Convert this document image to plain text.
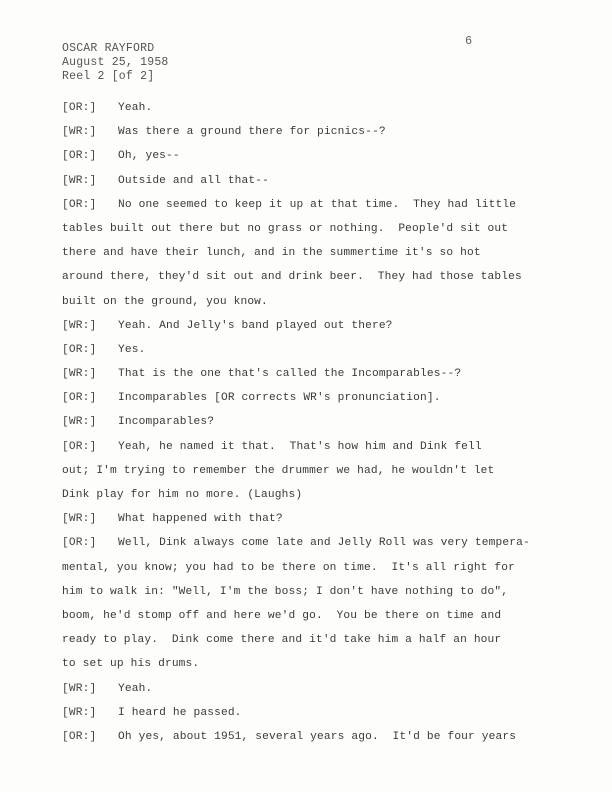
OSCAR RAYFORD
August 25, 1958
Reel 2 [of 2]
6
[OR:] Yeah.
[WR:] Was there a ground there for picnics--?
[OR:] Oh, yes--
[WR:] Outside and all that--
[OR:] No one seemed to keep it up at that time.  They had little
tables built out there but no grass or nothing.  People'd sit out
there and have their lunch, and in the summertime it's so hot
around there, they'd sit out and drink beer.  They had those tables
built on the ground, you know.
[WR:] Yeah. And Jelly's band played out there?
[OR:] Yes.
[WR:] That is the one that's called the Incomparables--?
[OR:] Incomparables [OR corrects WR's pronunciation].
[WR:] Incomparables?
[OR:] Yeah, he named it that.  That's how him and Dink fell
out; I'm trying to remember the drummer we had, he wouldn't let
Dink play for him no more. (Laughs)
[WR:] What happened with that?
[OR:] Well, Dink always come late and Jelly Roll was very tempera-
mental, you know; you had to be there on time.  It's all right for
him to walk in: "Well, I'm the boss; I don't have nothing to do",
boom, he'd stomp off and here we'd go.  You be there on time and
ready to play.  Dink come there and it'd take him a half an hour
to set up his drums.
[WR:] Yeah.
[WR:] I heard he passed.
[OR:] Oh yes, about 1951, several years ago.  It'd be four years
